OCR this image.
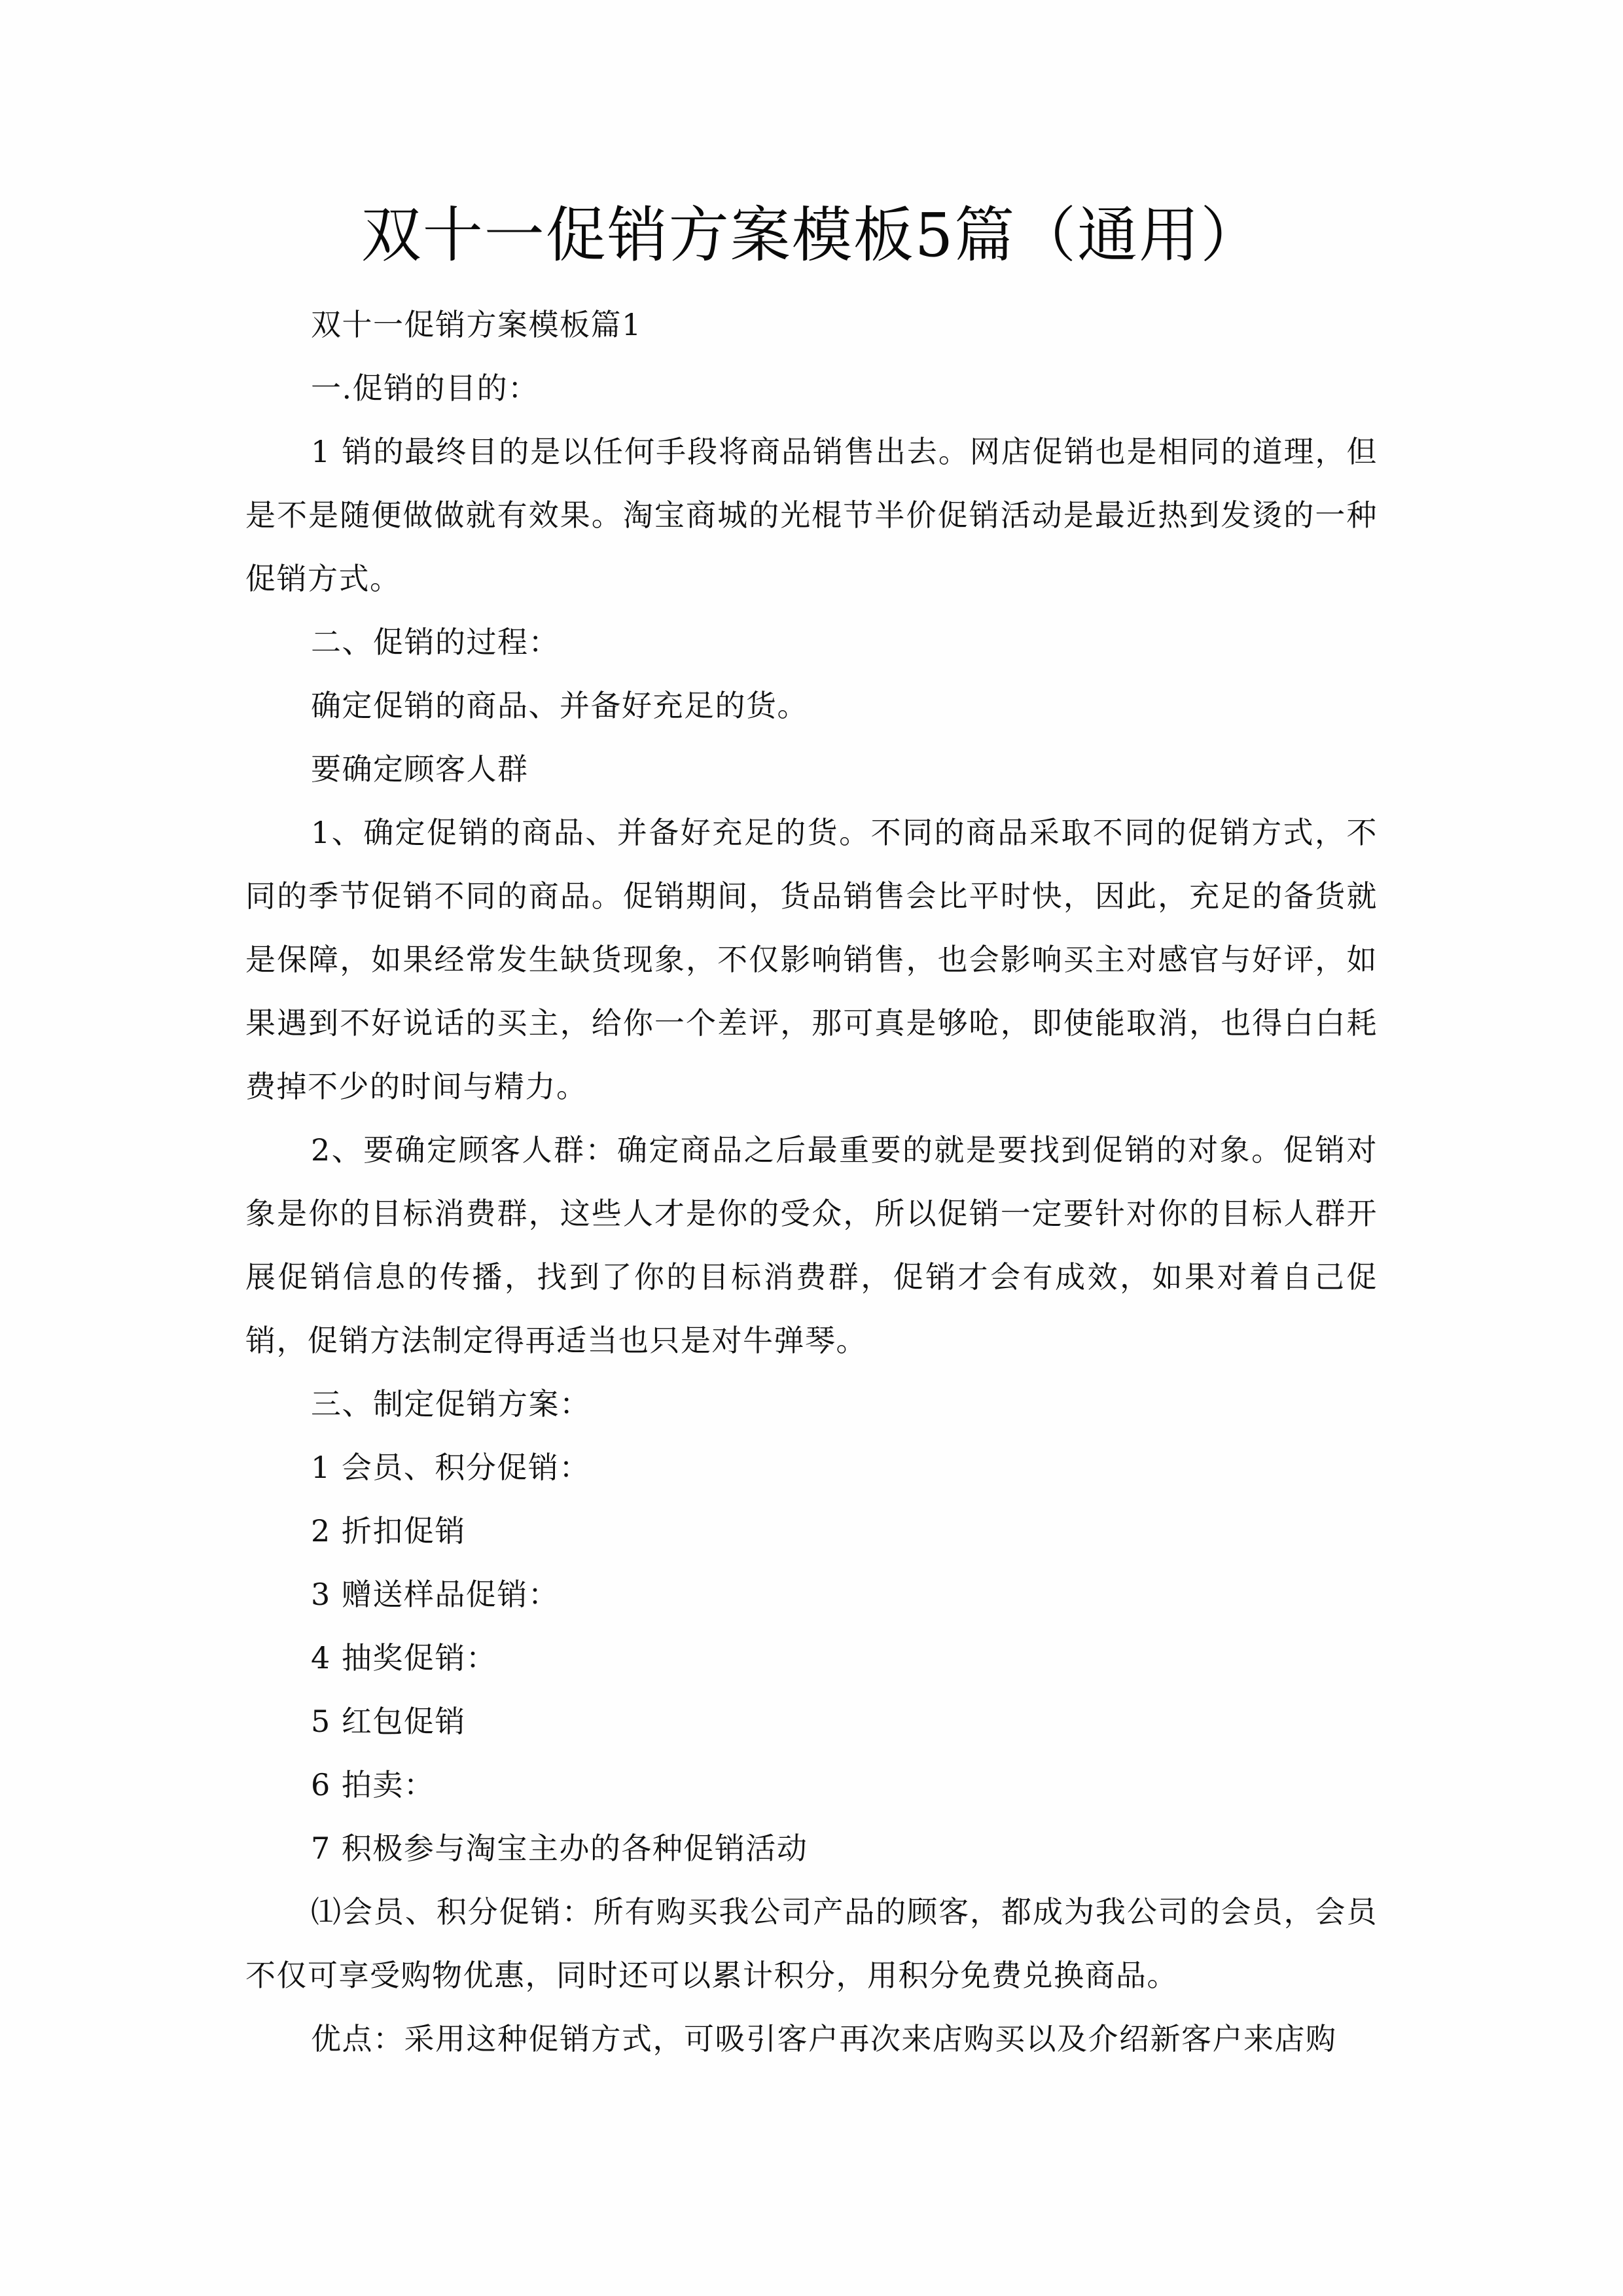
双十一促销方案模板5篇（通用）

双十一促销方案模板篇1

一.促销的目的：

1 销的最终目的是以任何手段将商品销售出去。网店促销也是相同的道理，但是不是随便做做就有效果。淘宝商城的光棍节半价促销活动是最近热到发烫的一种促销方式。

二、促销的过程：

确定促销的商品、并备好充足的货。

要确定顾客人群

1、确定促销的商品、并备好充足的货。不同的商品采取不同的促销方式，不同的季节促销不同的商品。促销期间，货品销售会比平时快，因此，充足的备货就是保障，如果经常发生缺货现象，不仅影响销售，也会影响买主对感官与好评，如果遇到不好说话的买主，给你一个差评，那可真是够呛，即使能取消，也得白白耗费掉不少的时间与精力。

2、要确定顾客人群：确定商品之后最重要的就是要找到促销的对象。促销对象是你的目标消费群，这些人才是你的受众，所以促销一定要针对你的目标人群开展促销信息的传播，找到了你的目标消费群，促销才会有成效，如果对着自己促销，促销方法制定得再适当也只是对牛弹琴。

三、制定促销方案：

1 会员、积分促销：

2 折扣促销

3 赠送样品促销：

4 抽奖促销：

5 红包促销

6 拍卖：

7 积极参与淘宝主办的各种促销活动

⑴会员、积分促销：所有购买我公司产品的顾客，都成为我公司的会员，会员不仅可享受购物优惠，同时还可以累计积分，用积分免费兑换商品。

优点：采用这种促销方式，可吸引客户再次来店购买以及介绍新客户来店购
